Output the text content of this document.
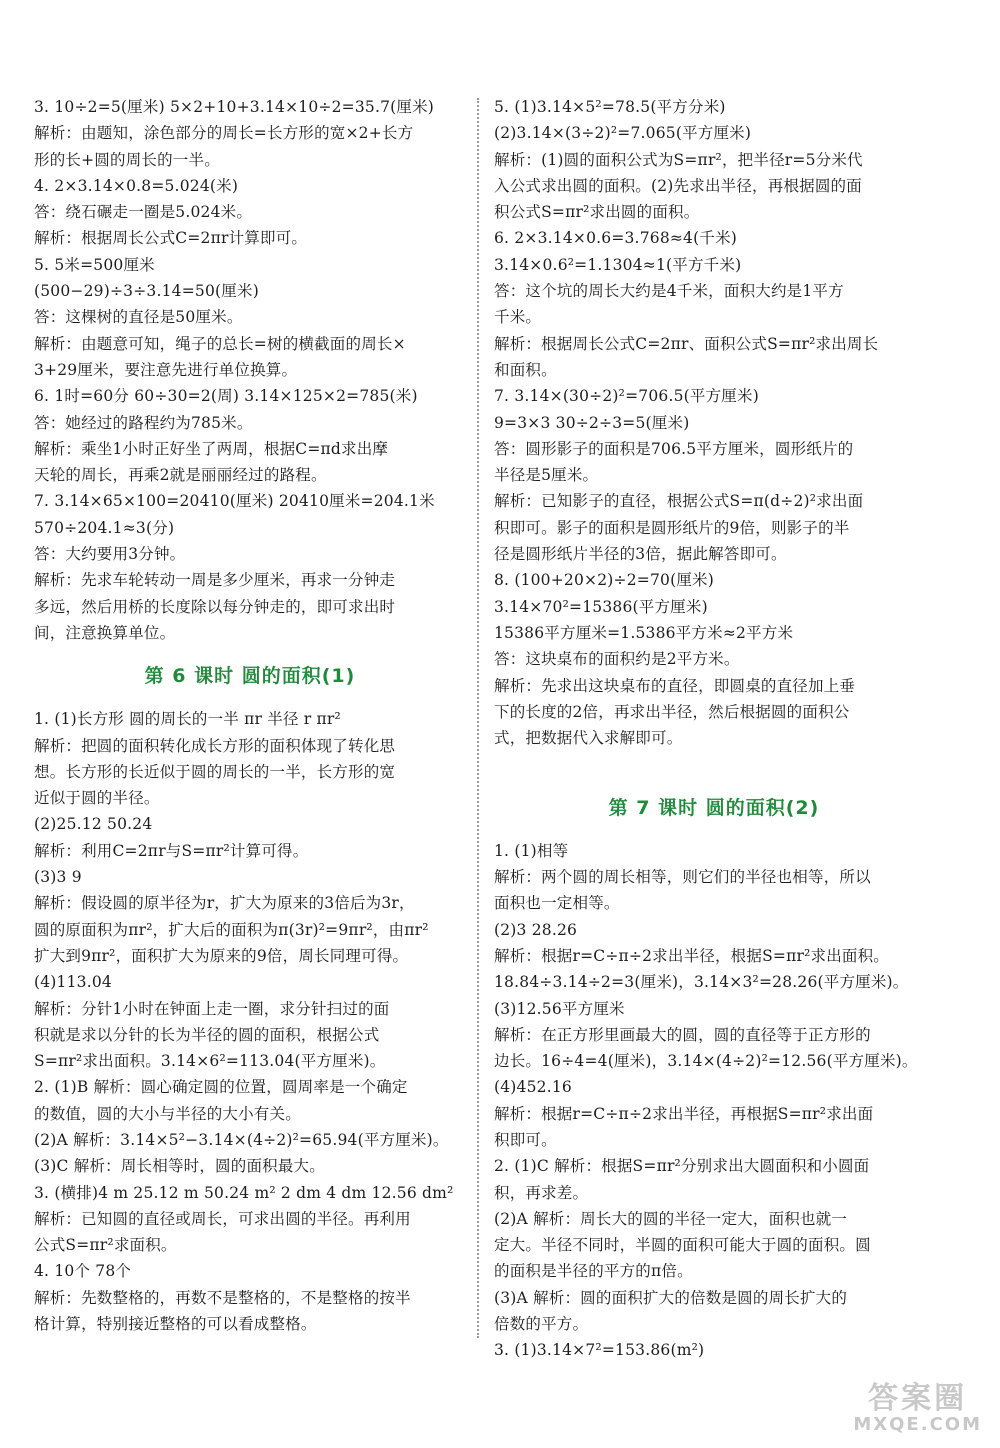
3. 10÷2=5(厘米) 5×2+10+3.14×10÷2=35.7(厘米)
解析：由题知，涂色部分的周长=长方形的宽×2+长方
形的长+圆的周长的一半。
4. 2×3.14×0.8=5.024(米)
答：绕石碾走一圈是5.024米。
解析：根据周长公式C=2πr计算即可。
5. 5米=500厘米
(500−29)÷3÷3.14=50(厘米)
答：这棵树的直径是50厘米。
解析：由题意可知，绳子的总长=树的横截面的周长×
3+29厘米，要注意先进行单位换算。
6. 1时=60分 60÷30=2(周) 3.14×125×2=785(米)
答：她经过的路程约为785米。
解析：乘坐1小时正好坐了两周，根据C=πd求出摩
天轮的周长，再乘2就是丽丽经过的路程。
7. 3.14×65×100=20410(厘米) 20410厘米=204.1米
570÷204.1≈3(分)
答：大约要用3分钟。
解析：先求车轮转动一周是多少厘米，再求一分钟走
多远，然后用桥的长度除以每分钟走的，即可求出时
间，注意换算单位。
第 6 课时 圆的面积(1)
1. (1)长方形 圆的周长的一半 πr 半径 r πr²
解析：把圆的面积转化成长方形的面积体现了转化思
想。长方形的长近似于圆的周长的一半，长方形的宽
近似于圆的半径。
(2)25.12 50.24
解析：利用C=2πr与S=πr²计算可得。
(3)3 9
解析：假设圆的原半径为r，扩大为原来的3倍后为3r，
圆的原面积为πr²，扩大后的面积为π(3r)²=9πr²，由πr²
扩大到9πr²，面积扩大为原来的9倍，周长同理可得。
(4)113.04
解析：分针1小时在钟面上走一圈，求分针扫过的面
积就是求以分针的长为半径的圆的面积，根据公式
S=πr²求出面积。3.14×6²=113.04(平方厘米)。
2. (1)B 解析：圆心确定圆的位置，圆周率是一个确定
的数值，圆的大小与半径的大小有关。
(2)A 解析：3.14×5²−3.14×(4÷2)²=65.94(平方厘米)。
(3)C 解析：周长相等时，圆的面积最大。
3. (横排)4 m 25.12 m 50.24 m² 2 dm 4 dm 12.56 dm²
解析：已知圆的直径或周长，可求出圆的半径。再利用
公式S=πr²求面积。
4. 10个 78个
解析：先数整格的，再数不是整格的，不是整格的按半
格计算，特别接近整格的可以看成整格。
5. (1)3.14×5²=78.5(平方分米)
(2)3.14×(3÷2)²=7.065(平方厘米)
解析：(1)圆的面积公式为S=πr²，把半径r=5分米代
入公式求出圆的面积。(2)先求出半径，再根据圆的面
积公式S=πr²求出圆的面积。
6. 2×3.14×0.6=3.768≈4(千米)
3.14×0.6²=1.1304≈1(平方千米)
答：这个坑的周长大约是4千米，面积大约是1平方
千米。
解析：根据周长公式C=2πr、面积公式S=πr²求出周长
和面积。
7. 3.14×(30÷2)²=706.5(平方厘米)
9=3×3 30÷2÷3=5(厘米)
答：圆形影子的面积是706.5平方厘米，圆形纸片的
半径是5厘米。
解析：已知影子的直径，根据公式S=π(d÷2)²求出面
积即可。影子的面积是圆形纸片的9倍，则影子的半
径是圆形纸片半径的3倍，据此解答即可。
8. (100+20×2)÷2=70(厘米)
3.14×70²=15386(平方厘米)
15386平方厘米=1.5386平方米≈2平方米
答：这块桌布的面积约是2平方米。
解析：先求出这块桌布的直径，即圆桌的直径加上垂
下的长度的2倍，再求出半径，然后根据圆的面积公
式，把数据代入求解即可。
第 7 课时 圆的面积(2)
1. (1)相等
解析：两个圆的周长相等，则它们的半径也相等，所以
面积也一定相等。
(2)3 28.26
解析：根据r=C÷π÷2求出半径，根据S=πr²求出面积。
18.84÷3.14÷2=3(厘米)，3.14×3²=28.26(平方厘米)。
(3)12.56平方厘米
解析：在正方形里画最大的圆，圆的直径等于正方形的
边长。16÷4=4(厘米)，3.14×(4÷2)²=12.56(平方厘米)。
(4)452.16
解析：根据r=C÷π÷2求出半径，再根据S=πr²求出面
积即可。
2. (1)C 解析：根据S=πr²分别求出大圆面积和小圆面
积，再求差。
(2)A 解析：周长大的圆的半径一定大，面积也就一
定大。半径不同时，半圆的面积可能大于圆的面积。圆
的面积是半径的平方的π倍。
(3)A 解析：圆的面积扩大的倍数是圆的周长扩大的
倍数的平方。
3. (1)3.14×7²=153.86(m²)
答案圈
MXQE.COM
